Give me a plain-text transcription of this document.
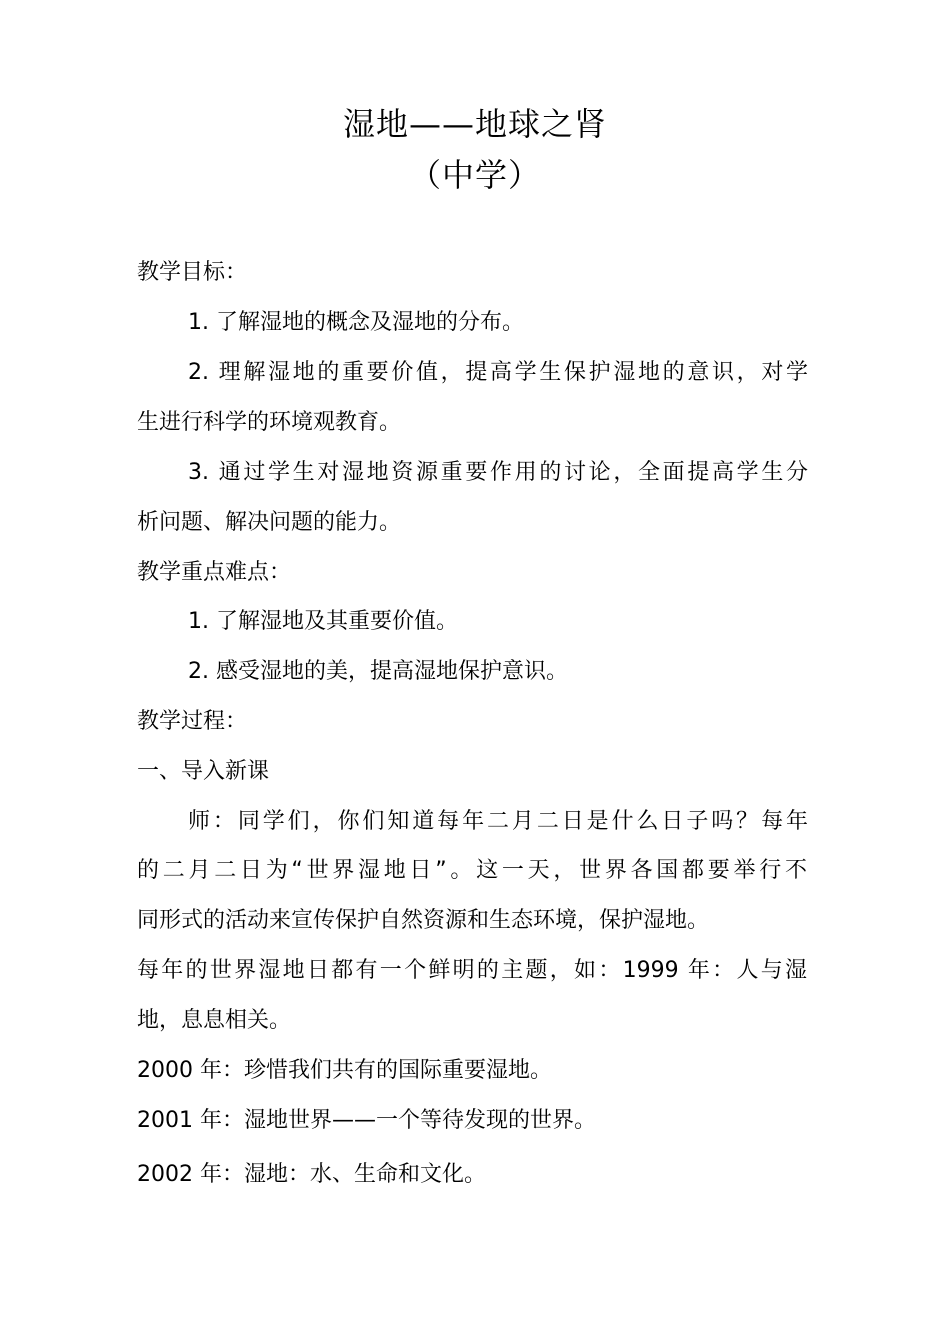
湿地——地球之肾
（中学）
教学目标：
1. 了解湿地的概念及湿地的分布。
2. 理解湿地的重要价值，提高学生保护湿地的意识，对学
生进行科学的环境观教育。
3. 通过学生对湿地资源重要作用的讨论，全面提高学生分
析问题、解决问题的能力。
教学重点难点：
1. 了解湿地及其重要价值。
2. 感受湿地的美，提高湿地保护意识。
教学过程：
一、导入新课
师：同学们，你们知道每年二月二日是什么日子吗？每年
的二月二日为“世界湿地日”。这一天，世界各国都要举行不
同形式的活动来宣传保护自然资源和生态环境，保护湿地。
每年的世界湿地日都有一个鲜明的主题，如：1999 年：人与湿
地，息息相关。
2000 年：珍惜我们共有的国际重要湿地。
2001 年：湿地世界——一个等待发现的世界。
2002 年：湿地：水、生命和文化。
